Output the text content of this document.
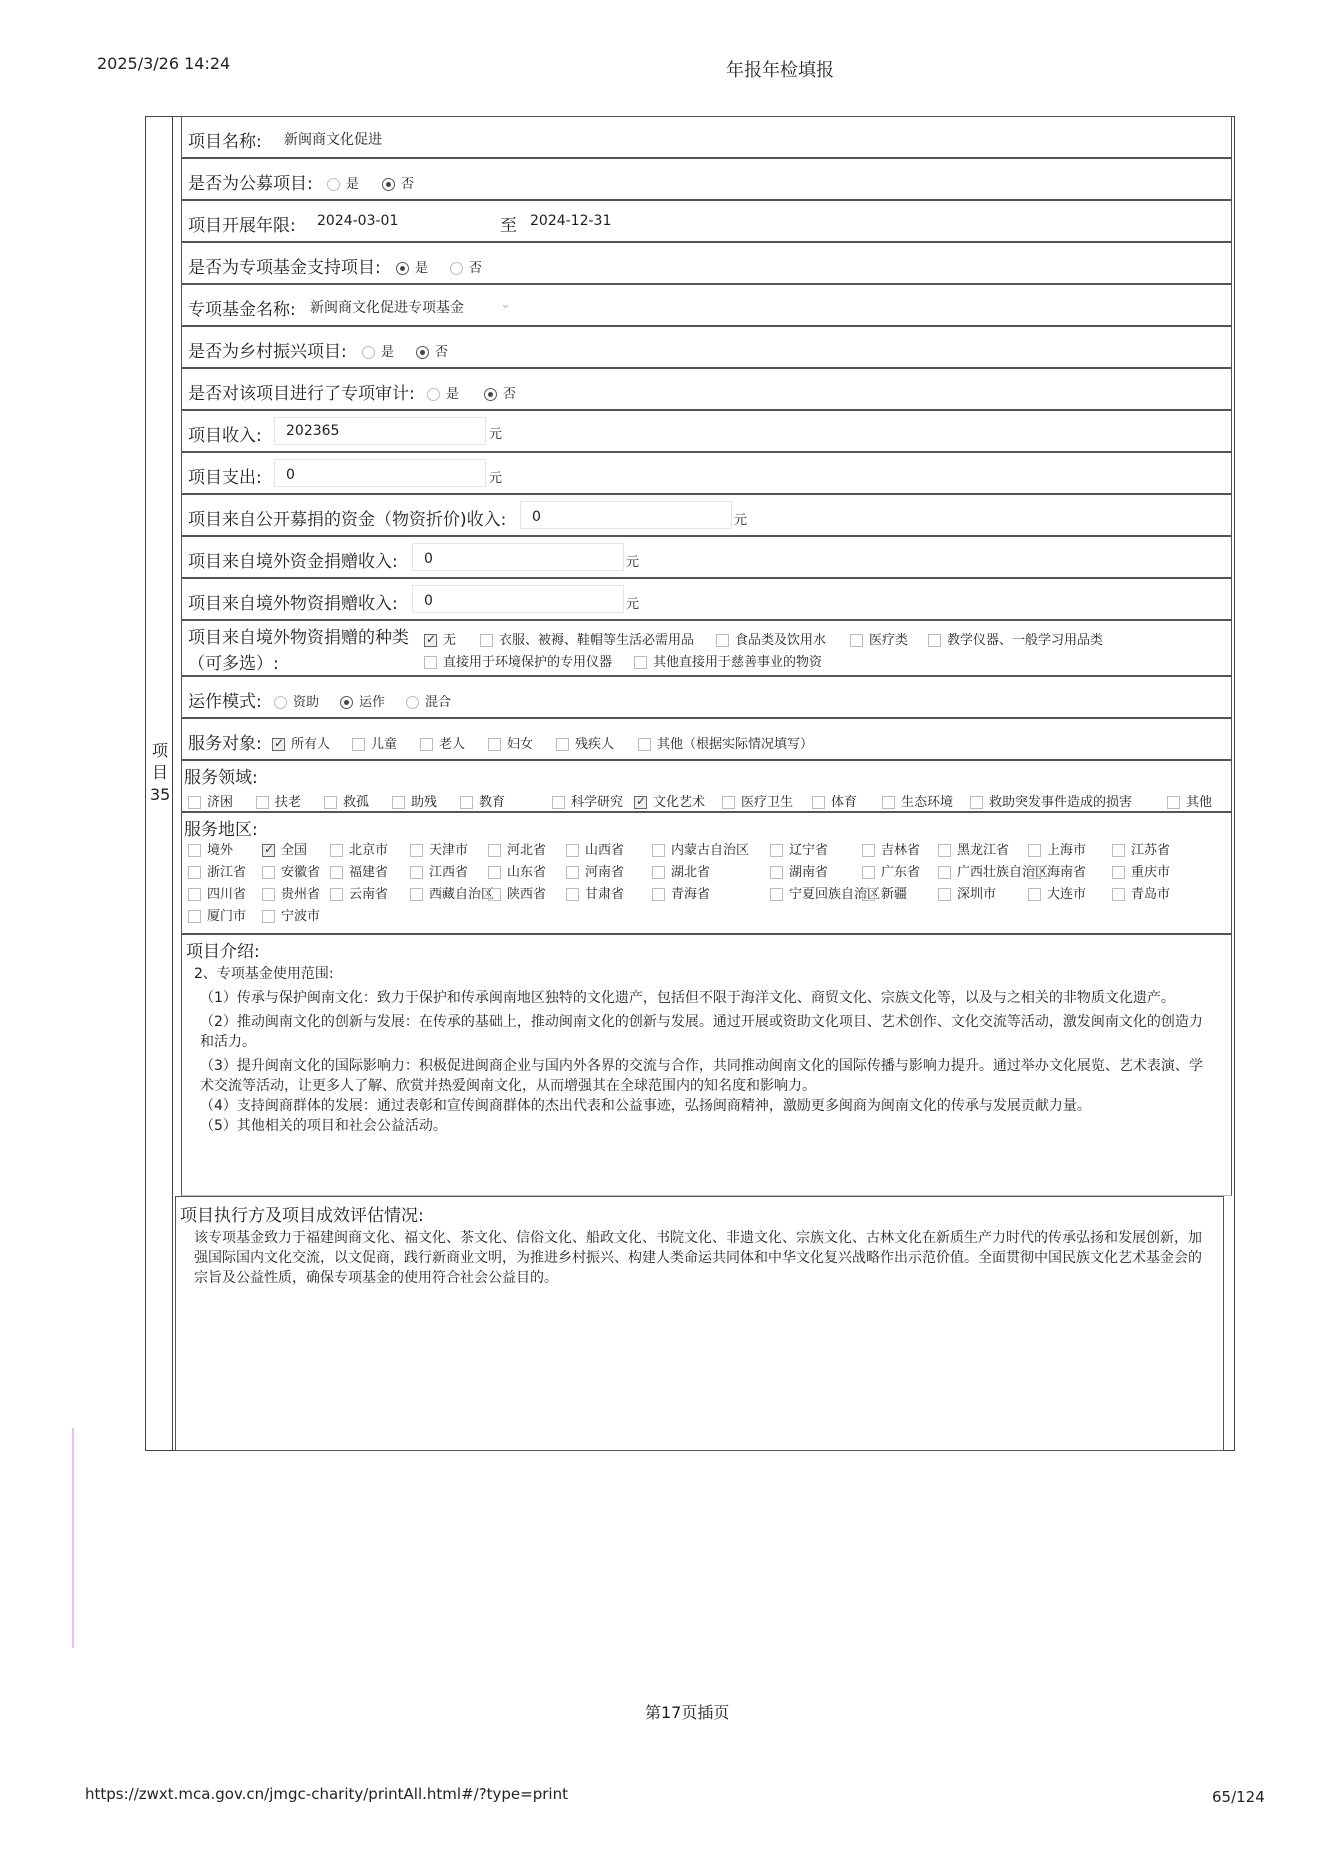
2025/3/26 14:24	年报年检填报
项目35
项目名称: 新闽商文化促进
是否为公募项目:	是	否
项目开展年限: 2024-03-01	至 2024-12-31
是否为专项基金支持项目:	是	否
专项基金名称: 新闽商文化促进专项基金	⌄
是否为乡村振兴项目:	是	否
是否对该项目进行了专项审计:	是	否
项目收入: 202365	元
项目支出: 0	元
项目来自公开募捐的资金（物资折价)收入: 0	元
项目来自境外资金捐赠收入: 0	元
项目来自境外物资捐赠收入: 0	元
项目来自境外物资捐赠的种类
（可多选）:
✓无	衣服、被褥、鞋帽等生活必需用品	食品类及饮用水	医疗类	教学仪器、一般学习用品类
直接用于环境保护的专用仪器	其他直接用于慈善事业的物资
运作模式:	资助	运作	混合
服务对象: ✓	所有人	儿童	老人	妇女	残疾人	其他（根据实际情况填写）
服务领域:
济困	扶老	救孤	助残	教育	科学研究 ✓	文化艺术	医疗卫生	体育	生态环境	救助突发事件造成的损害	其他
服务地区:
境外 ✓	全国	北京市	天津市	河北省	山西省	内蒙古自治区	辽宁省	吉林省	黑龙江省	上海市	江苏省
浙江省	安徽省	福建省	江西省	山东省	河南省	湖北省	湖南省	广东省	广西壮族自治区
海南省	重庆市
四川省	贵州省	云南省	西藏自治区 陕西省	甘肃省	青海省	宁夏回族自治区 新疆	深圳市	大连市	青岛市
厦门市	宁波市
项目介绍:
2、专项基金使用范围:
（1）传承与保护闽南文化：致力于保护和传承闽南地区独特的文化遗产，包括但不限于海洋文化、商贸文化、宗族文化等，以及与之相关的非物质文化遗产。
（2）推动闽南文化的创新与发展：在传承的基础上，推动闽南文化的创新与发展。通过开展或资助文化项目、艺术创作、文化交流等活动，激发闽南文化的创造力和活力。
（3）提升闽南文化的国际影响力：积极促进闽商企业与国内外各界的交流与合作，共同推动闽南文化的国际传播与影响力提升。通过举办文化展览、艺术表演、学术交流等活动，让更多人了解、欣赏并热爱闽南文化，从而增强其在全球范围内的知名度和影响力。
（4）支持闽商群体的发展：通过表彰和宣传闽商群体的杰出代表和公益事迹，弘扬闽商精神，激励更多闽商为闽南文化的传承与发展贡献力量。
（5）其他相关的项目和社会公益活动。
项目执行方及项目成效评估情况:
该专项基金致力于福建闽商文化、福文化、茶文化、信俗文化、船政文化、书院文化、非遗文化、宗族文化、古林文化在新质生产力时代的传承弘扬和发展创新，加强国际国内文化交流，以文促商，践行新商业文明，为推进乡村振兴、构建人类命运共同体和中华文化复兴战略作出示范价值。全面贯彻中国民族文化艺术基金会的宗旨及公益性质，确保专项基金的使用符合社会公益目的。
第17页插页
https://zwxt.mca.gov.cn/jmgc-charity/printAll.html#/?type=print	65/124
